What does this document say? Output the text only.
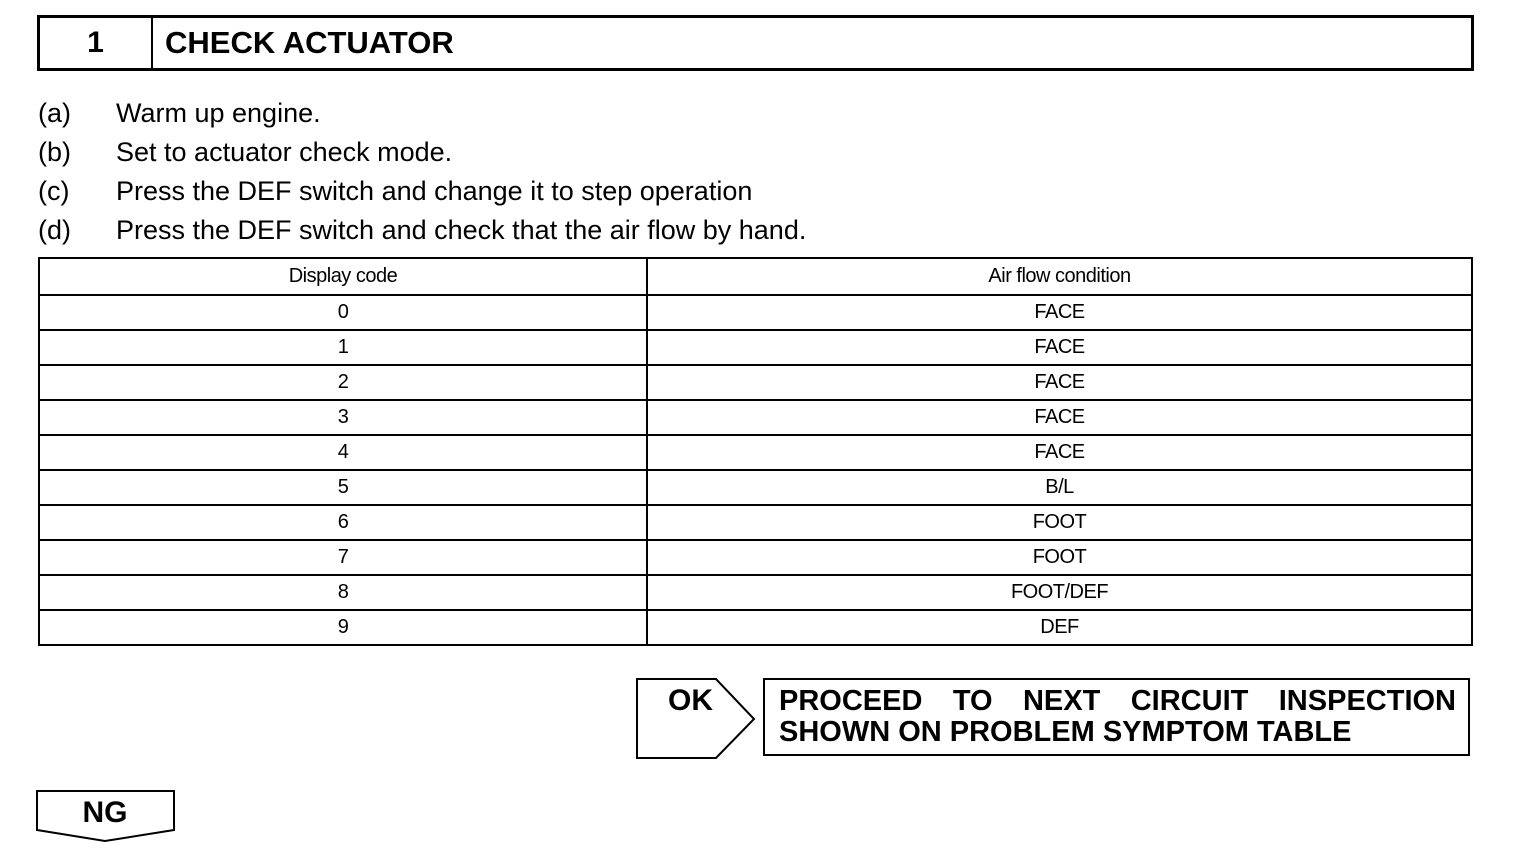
1	CHECK ACTUATOR
(a)	Warm up engine.
(b)	Set to actuator check mode.
(c)	Press the DEF switch and change it to step operation
(d)	Press the DEF switch and check that the air flow by hand.
Display code	Air flow condition
0	FACE
1	FACE
2	FACE
3	FACE
4	FACE
5	B/L
6	FOOT
7	FOOT
8	FOOT/DEF
9	DEF
OK PROCEED TO NEXT CIRCUIT INSPECTION
SHOWN ON PROBLEM SYMPTOM TABLE
NG
